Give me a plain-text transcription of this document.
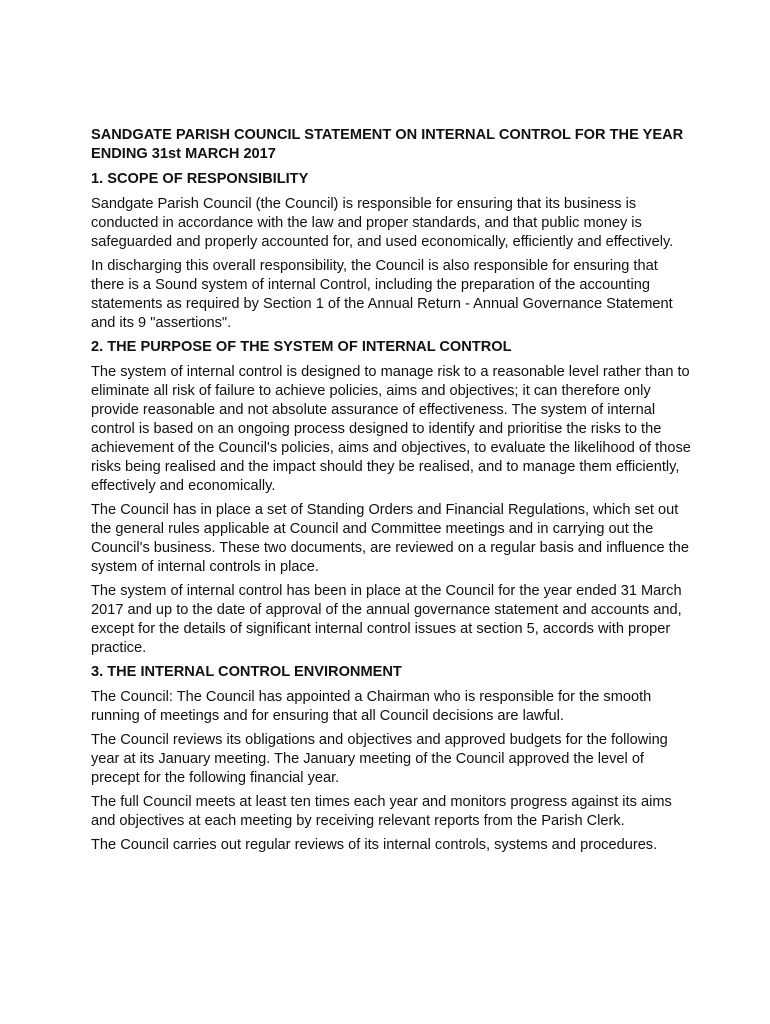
SANDGATE PARISH COUNCIL STATEMENT ON INTERNAL CONTROL FOR THE YEAR ENDING 31st MARCH 2017
1. SCOPE OF RESPONSIBILITY

Sandgate Parish Council (the Council) is responsible for ensuring that its business is conducted in accordance with the law and proper standards, and that public money is safeguarded and properly accounted for, and used economically, efficiently and effectively.

In discharging this overall responsibility, the Council is also responsible for ensuring that there is a Sound system of internal Control, including the preparation of the accounting statements as required by Section 1 of the Annual Return - Annual Governance Statement and its 9 "assertions".

2. THE PURPOSE OF THE SYSTEM OF INTERNAL CONTROL

The system of internal control is designed to manage risk to a reasonable level rather than to eliminate all risk of failure to achieve policies, aims and objectives; it can therefore only provide reasonable and not absolute assurance of effectiveness. The system of internal control is based on an ongoing process designed to identify and prioritise the risks to the achievement of the Council's policies, aims and objectives, to evaluate the likelihood of those risks being realised and the impact should they be realised, and to manage them efficiently, effectively and economically.

The Council has in place a set of Standing Orders and Financial Regulations, which set out the general rules applicable at Council and Committee meetings and in carrying out the Council's business. These two documents, are reviewed on a regular basis and influence the system of internal controls in place.

The system of internal control has been in place at the Council for the year ended 31 March 2017 and up to the date of approval of the annual governance statement and accounts and, except for the details of significant internal control issues at section 5, accords with proper practice.

3. THE INTERNAL CONTROL ENVIRONMENT

The Council: The Council has appointed a Chairman who is responsible for the smooth running of meetings and for ensuring that all Council decisions are lawful.

The Council reviews its obligations and objectives and approved budgets for the following year at its January meeting. The January meeting of the Council approved the level of precept for the following financial year.

The full Council meets at least ten times each year and monitors progress against its aims and objectives at each meeting by receiving relevant reports from the Parish Clerk.

The Council carries out regular reviews of its internal controls, systems and procedures.
